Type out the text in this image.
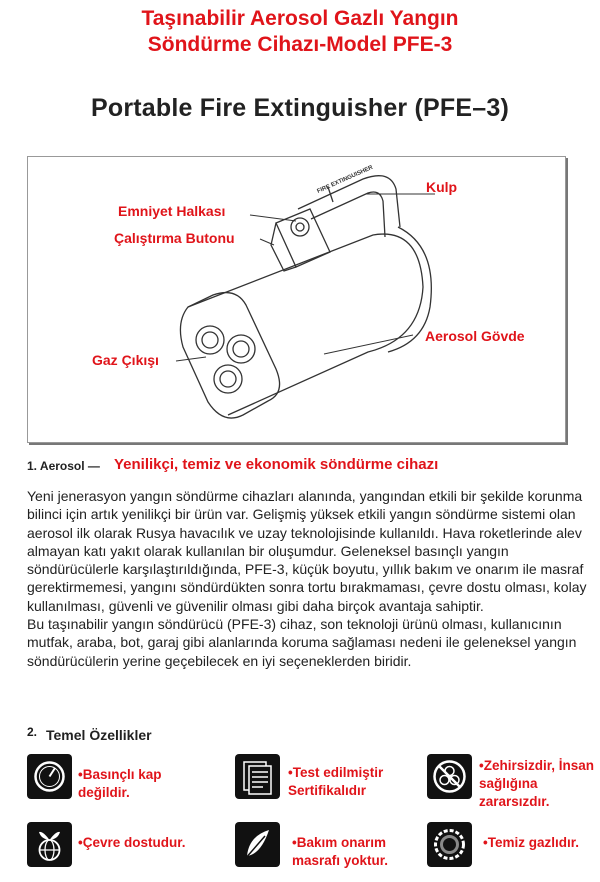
Taşınabilir Aerosol Gazlı Yangın
Söndürme Cihazı-Model PFE-3
Portable Fire Extinguisher (PFE–3)
FIRE EXTINGUISHER	Kulp
Emniyet Halkası
Çalıştırma Butonu
Aerosol Gövde
Gaz Çıkışı
1. Aerosol — Yenilikçi, temiz ve ekonomik söndürme cihazı

Yeni jenerasyon yangın söndürme cihazları alanında, yangından etkili bir şekilde korunma bilinci için artık yenilikçi bir ürün var. Gelişmiş yüksek etkili yangın söndürme sistemi olan aerosol ilk olarak Rusya havacılık ve uzay teknolojisinde kullanıldı. Hava roketlerinde alev almayan katı yakıt olarak kullanılan bir oluşumdur. Geleneksel basınçlı yangın söndürücülerle karşılaştırıldığında, PFE-3, küçük boyutu, yıllık bakım ve onarım ile masraf gerektirmemesi, yangını söndürdükten sonra tortu bırakmaması, çevre dostu olması, kolay kullanılması, güvenli ve güvenilir olması gibi daha birçok avantaja sahiptir.

Bu taşınabilir yangın söndürücü (PFE-3) cihaz, son teknoloji ürünü olması, kullanıcının mutfak, araba, bot, garaj gibi alanlarında koruma sağlaması nedeni ile geleneksel yangın söndürücülerin yerine geçebilecek en iyi seçeneklerden biridir.

2. Temel Özellikler
•Basınçlı kap değildir.
•Test edilmiştir Sertifikalıdır
•Zehirsizdir, İnsan sağlığına zararsızdır.
•Çevre dostudur.	•Bakım onarım masrafı yoktur.
•Temiz gazlıdır.
